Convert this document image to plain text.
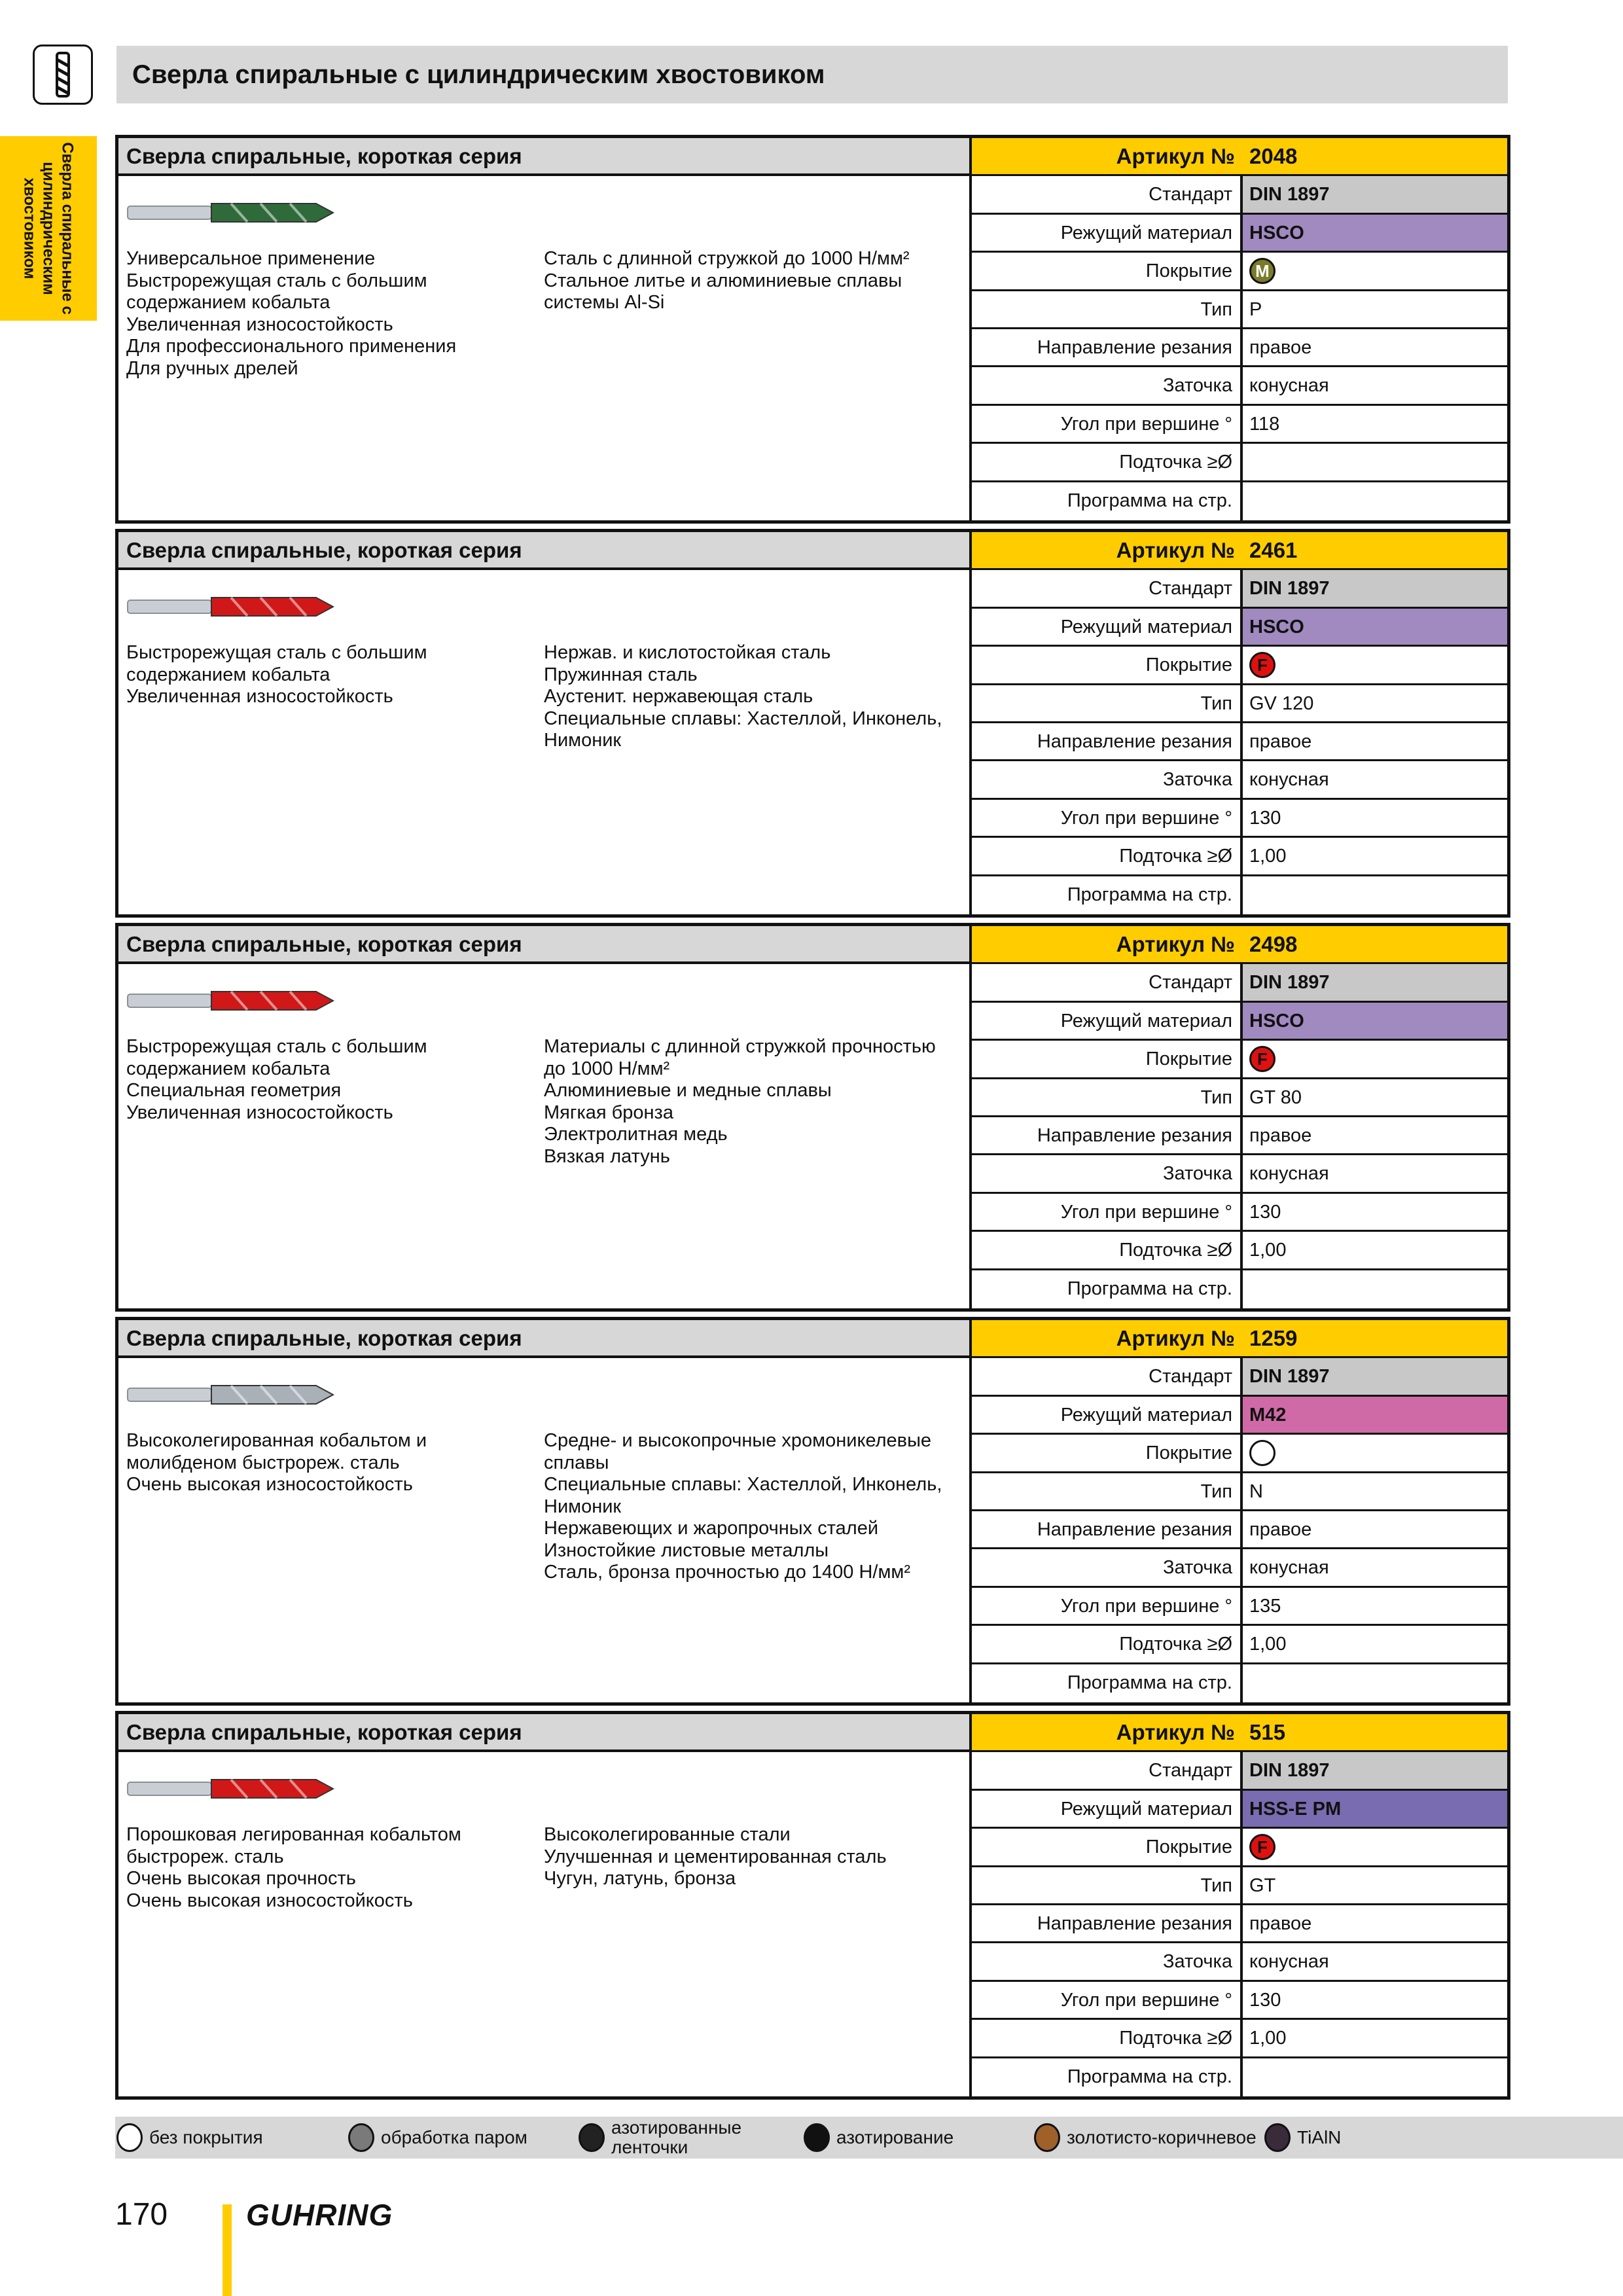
Сверла спиральные с цилиндрическим хвостовиком
Сверла спиральные с цилиндрическим хвостовиком
Сверла спиральные, короткая серия
Универсальное применение
Быстрорежущая сталь с большим
содержанием кобальта
Увеличенная износостойкость
Для профессионального применения
Для ручных дрелей
Сталь с длинной стружкой до 1000 Н/мм²
Стальное литье и алюминиевые сплавы
системы Al-Si
Артикул № 2048
Стандарт DIN 1897
Режущий материал HSCO
Покрытие	M
Тип P
Направление резания правое
Заточка конусная
Угол при вершине ° 118
Подточка ≥Ø
Программа на стр.
Сверла спиральные, короткая серия
Быстрорежущая сталь с большим
содержанием кобальта
Увеличенная износостойкость
Нержав. и кислотостойкая сталь
Пружинная сталь
Аустенит. нержавеющая сталь
Специальные сплавы: Хастеллой, Инконель,
Нимоник
Артикул № 2461
Стандарт DIN 1897
Режущий материал HSCO
Покрытие	F
Тип GV 120
Направление резания правое
Заточка конусная
Угол при вершине ° 130
Подточка ≥Ø 1,00
Программа на стр.
Сверла спиральные, короткая серия
Быстрорежущая сталь с большим
содержанием кобальта
Специальная геометрия
Увеличенная износостойкость
Материалы с длинной стружкой прочностью
до 1000 Н/мм²
Алюминиевые и медные сплавы
Мягкая бронза
Электролитная медь
Вязкая латунь
Артикул № 2498
Стандарт DIN 1897
Режущий материал HSCO
Покрытие	F
Тип GT 80
Направление резания правое
Заточка конусная
Угол при вершине ° 130
Подточка ≥Ø 1,00
Программа на стр.
Сверла спиральные, короткая серия
Высоколегированная кобальтом и
молибденом быстрореж. сталь
Очень высокая износостойкость
Средне- и высокопрочные хромоникелевые
сплавы
Специальные сплавы: Хастеллой, Инконель,
Нимоник
Нержавеющих и жаропрочных сталей
Изностойкие листовые металлы
Сталь, бронза прочностью до 1400 Н/мм²
Артикул № 1259
Стандарт DIN 1897
Режущий материал M42
Покрытие
Тип N
Направление резания правое
Заточка конусная
Угол при вершине ° 135
Подточка ≥Ø 1,00
Программа на стр.
Сверла спиральные, короткая серия
Порошковая легированная кобальтом
быстрореж. сталь
Очень высокая прочность
Очень высокая износостойкость
Высоколегированные стали
Улучшенная и цементированная сталь
Чугун, латунь, бронза
Артикул № 515
Стандарт DIN 1897
Режущий материал HSS-E PM
Покрытие	F
Тип GT
Направление резания правое
Заточка конусная
Угол при вершине ° 130
Подточка ≥Ø 1,00
Программа на стр.
без покрытия	обработка паром	азотированные
ленточки	азотирование	золотисто-коричневое TiAlN
170	GUHRING
